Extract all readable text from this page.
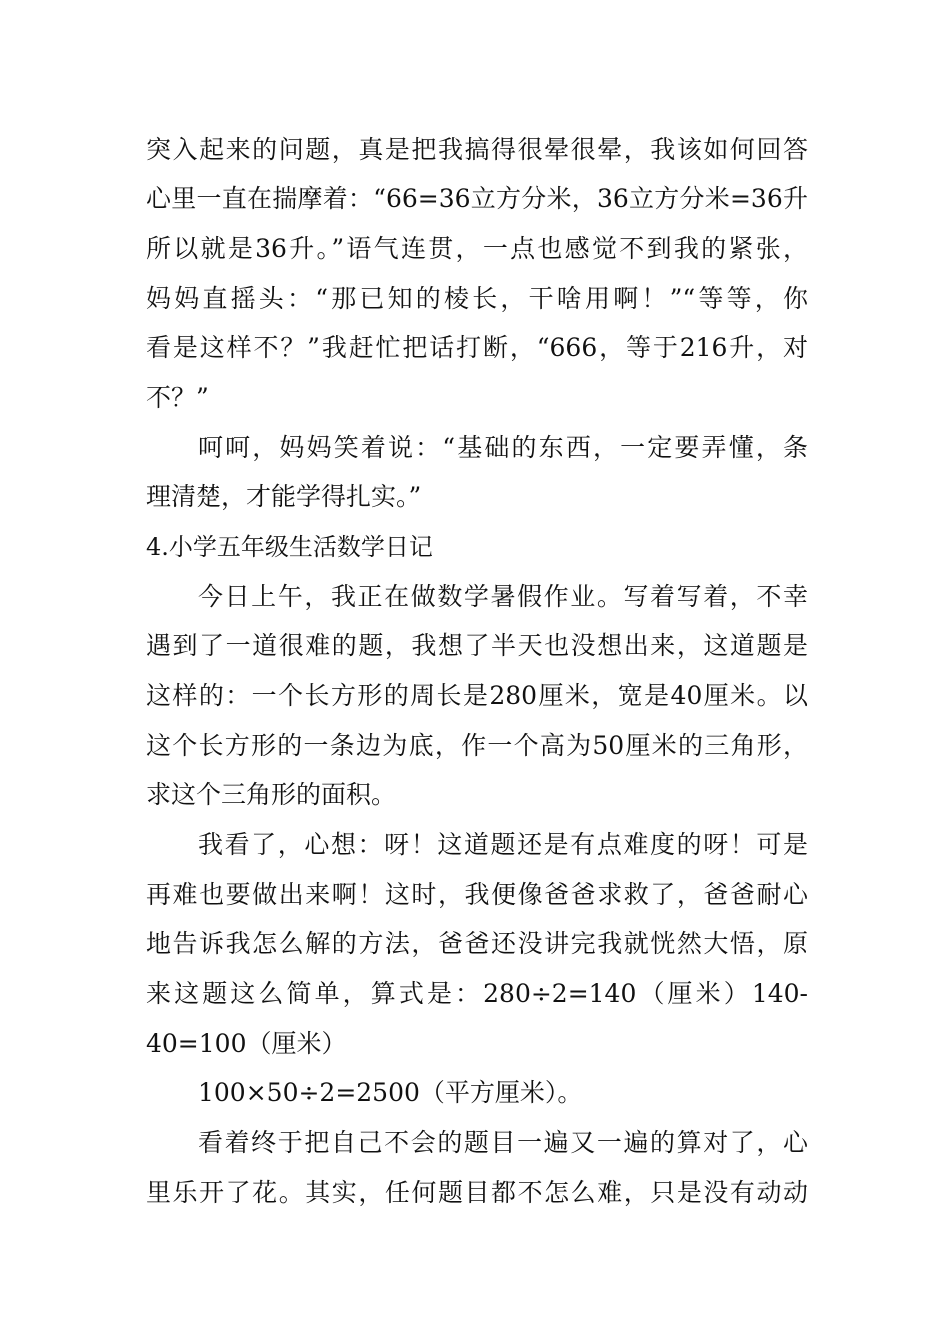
突入起来的问题，真是把我搞得很晕很晕，我该如何回答
心里一直在揣摩着：“66=36立方分米，36立方分米=36升
所以就是36升。”语气连贯，一点也感觉不到我的紧张，
妈妈直摇头：“那已知的棱长，干啥用啊！”“等等，你
看是这样不？”我赶忙把话打断，“666，等于216升，对
不？”
呵呵，妈妈笑着说：“基础的东西，一定要弄懂，条
理清楚，才能学得扎实。”
4.小学五年级生活数学日记
今日上午，我正在做数学暑假作业。写着写着，不幸
遇到了一道很难的题，我想了半天也没想出来，这道题是
这样的：一个长方形的周长是280厘米，宽是40厘米。以
这个长方形的一条边为底，作一个高为50厘米的三角形，
求这个三角形的面积。
我看了，心想：呀！这道题还是有点难度的呀！可是
再难也要做出来啊！这时，我便像爸爸求救了，爸爸耐心
地告诉我怎么解的方法，爸爸还没讲完我就恍然大悟，原
来这题这么简单，算式是：280÷2=140（厘米）140-
40=100（厘米）
100×50÷2=2500（平方厘米）。
看着终于把自己不会的题目一遍又一遍的算对了，心
里乐开了花。其实，任何题目都不怎么难，只是没有动动
